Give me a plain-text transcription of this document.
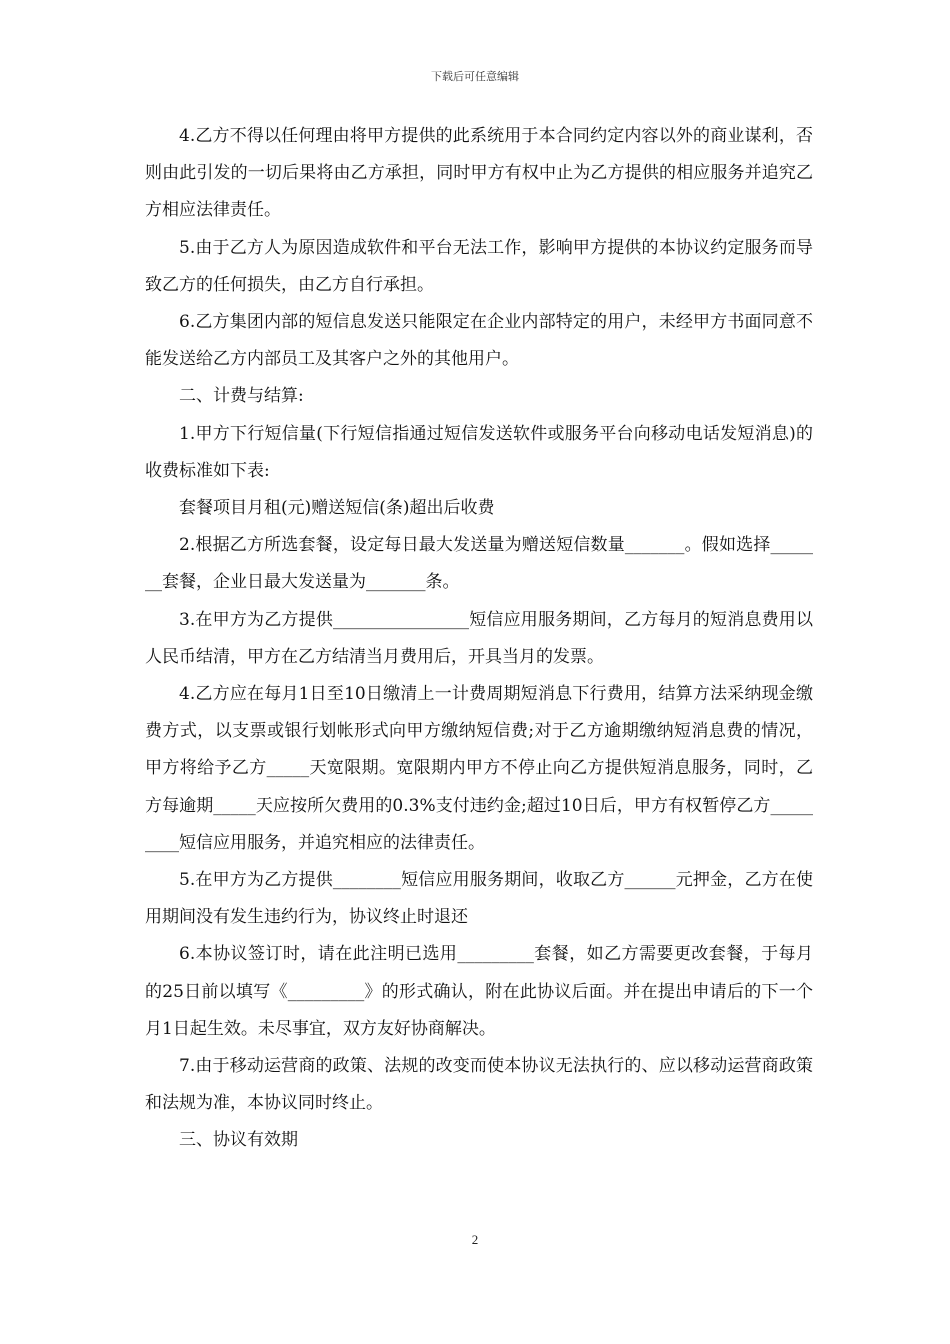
下载后可任意编辑

4.乙方不得以任何理由将甲方提供的此系统用于本合同约定内容以外的商业谋利，否则由此引发的一切后果将由乙方承担，同时甲方有权中止为乙方提供的相应服务并追究乙方相应法律责任。

5.由于乙方人为原因造成软件和平台无法工作，影响甲方提供的本协议约定服务而导致乙方的任何损失，由乙方自行承担。

6.乙方集团内部的短信息发送只能限定在企业内部特定的用户，未经甲方书面同意不能发送给乙方内部员工及其客户之外的其他用户。

二、计费与结算:

1.甲方下行短信量(下行短信指通过短信发送软件或服务平台向移动电话发短消息)的收费标准如下表:

套餐项目月租(元)赠送短信(条)超出后收费

2.根据乙方所选套餐，设定每日最大发送量为赠送短信数量_______。假如选择_______套餐，企业日最大发送量为_______条。

3.在甲方为乙方提供________________短信应用服务期间，乙方每月的短消息费用以人民币结清，甲方在乙方结清当月费用后，开具当月的发票。

4.乙方应在每月1日至10日缴清上一计费周期短消息下行费用，结算方法采纳现金缴费方式，以支票或银行划帐形式向甲方缴纳短信费;对于乙方逾期缴纳短消息费的情况，甲方将给予乙方_____天宽限期。宽限期内甲方不停止向乙方提供短消息服务，同时，乙方每逾期_____天应按所欠费用的0.3%支付违约金;超过10日后，甲方有权暂停乙方_________短信应用服务，并追究相应的法律责任。

5.在甲方为乙方提供________短信应用服务期间，收取乙方______元押金，乙方在使用期间没有发生违约行为，协议终止时退还

6.本协议签订时，请在此注明已选用_________套餐，如乙方需要更改套餐，于每月的25日前以填写《_________》的形式确认，附在此协议后面。并在提出申请后的下一个月1日起生效。未尽事宜，双方友好协商解决。

7.由于移动运营商的政策、法规的改变而使本协议无法执行的、应以移动运营商政策和法规为准，本协议同时终止。

三、协议有效期

2
